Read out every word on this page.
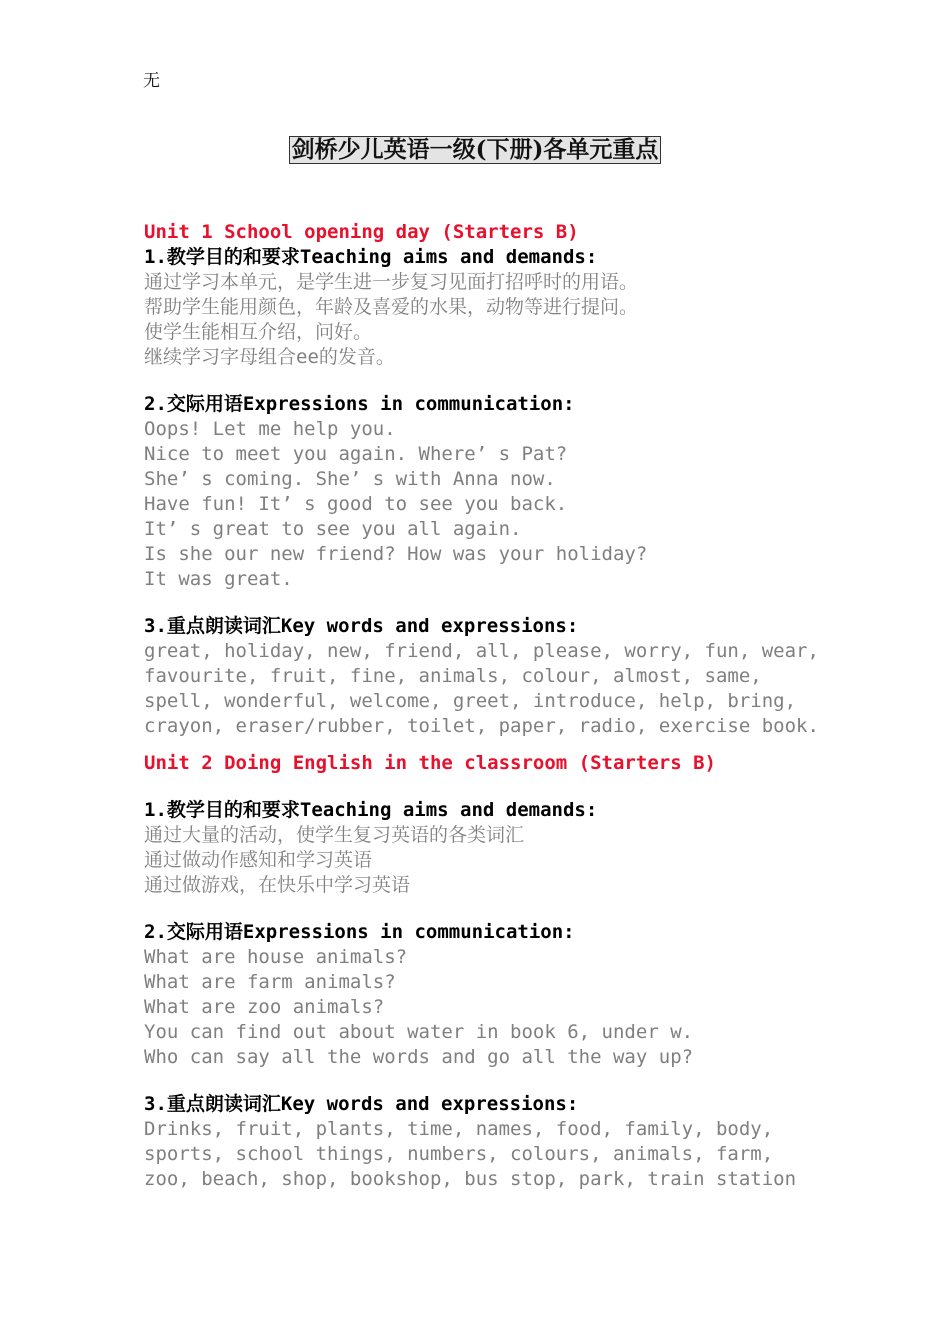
无
剑桥少儿英语一级(下册)各单元重点
Unit 1 School opening day (Starters B)
1.教学目的和要求Teaching aims and demands:
通过学习本单元，是学生进一步复习见面打招呼时的用语。
帮助学生能用颜色，年龄及喜爱的水果，动物等进行提问。
使学生能相互介绍，问好。
继续学习字母组合ee的发音。
2.交际用语Expressions in communication:
Oops! Let me help you.
Nice to meet you again. Where’ s Pat?
She’ s coming. She’ s with Anna now.
Have fun! It’ s good to see you back.
It’ s great to see you all again.
Is she our new friend? How was your holiday?
It was great.
3.重点朗读词汇Key words and expressions:
great, holiday, new, friend, all, please, worry, fun, wear,
favourite, fruit, fine, animals, colour, almost, same,
spell, wonderful, welcome, greet, introduce, help, bring,
crayon, eraser/rubber, toilet, paper, radio, exercise book.
Unit 2 Doing English in the classroom (Starters B)
1.教学目的和要求Teaching aims and demands:
通过大量的活动，使学生复习英语的各类词汇
通过做动作感知和学习英语
通过做游戏，在快乐中学习英语
2.交际用语Expressions in communication:
What are house animals?
What are farm animals?
What are zoo animals?
You can find out about water in book 6, under w.
Who can say all the words and go all the way up?
3.重点朗读词汇Key words and expressions:
Drinks, fruit, plants, time, names, food, family, body,
sports, school things, numbers, colours, animals, farm,
zoo, beach, shop, bookshop, bus stop, park, train station
